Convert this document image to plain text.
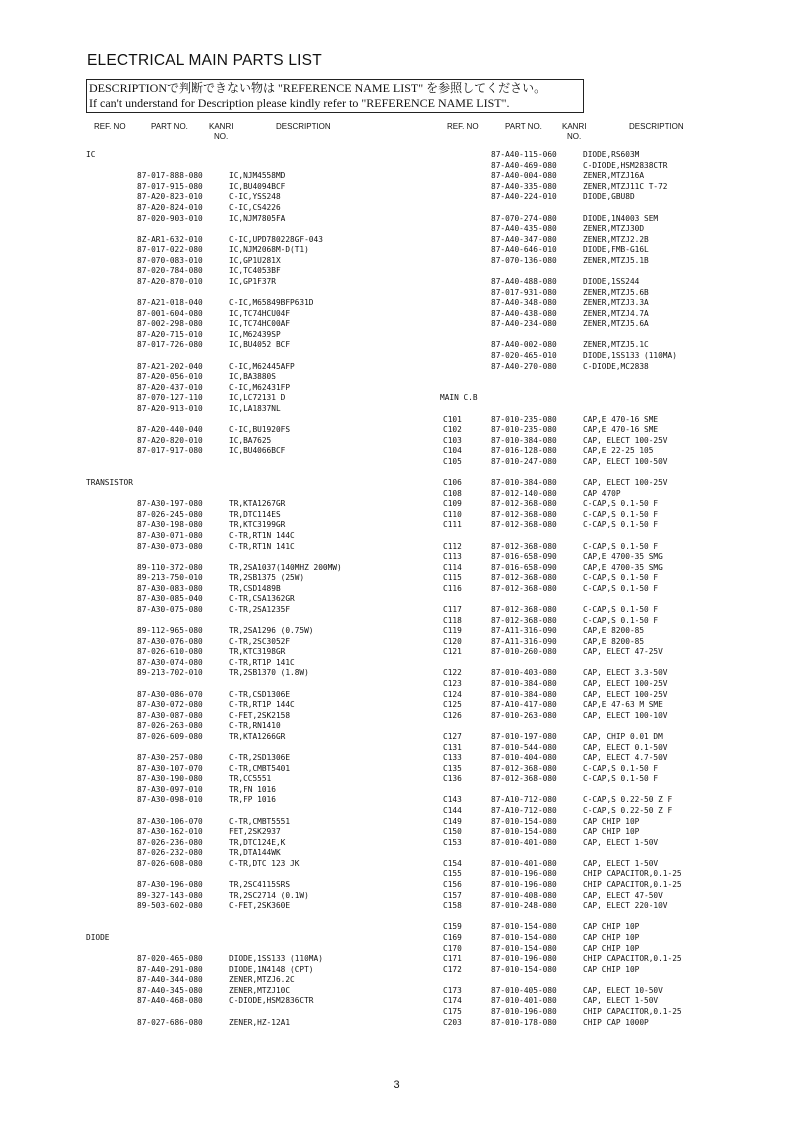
ELECTRICAL MAIN PARTS LIST
DESCRIPTIONで判断できない物は "REFERENCE NAME LIST" を参照してください。
If can't understand for Description please kindly refer to "REFERENCE NAME LIST".
REF. NO	PART NO.	KANRI
NO.
DESCRIPTION	REF. NO	PART NO.	KANRI
NO.
DESCRIPTION
IC
87-017-888-080	IC,NJM4558MD
87-017-915-080	IC,BU4094BCF
87-A20-823-010	C-IC,YSS248
87-A20-824-010	C-IC,CS4226
87-020-903-010	IC,NJM7805FA
8Z-AR1-632-010	C-IC,UPD780228GF-043
87-017-022-080	IC,NJM2068M-D(T1)
87-070-083-010	IC,GP1U281X
87-020-784-080	IC,TC4053BF
87-A20-870-010	IC,GP1F37R
87-A21-018-040	C-IC,M65849BFP631D
87-001-604-080	IC,TC74HCU04F
87-002-298-080	IC,TC74HC00AF
87-A20-715-010	IC,M62439SP
87-017-726-080	IC,BU4052 BCF
87-A21-202-040	C-IC,M62445AFP
87-A20-056-010	IC,BA3880S
87-A20-437-010	C-IC,M62431FP
87-070-127-110	IC,LC72131 D
87-A20-913-010	IC,LA1837NL
87-A20-440-040	C-IC,BU1920FS
87-A20-820-010	IC,BA7625
87-017-917-080	IC,BU4066BCF
TRANSISTOR
87-A30-197-080	TR,KTA1267GR
87-026-245-080	TR,DTC114ES
87-A30-198-080	TR,KTC3199GR
87-A30-071-080	C-TR,RT1N 144C
87-A30-073-080	C-TR,RT1N 141C
89-110-372-080	TR,2SA1037(140MHZ 200MW)
89-213-750-010	TR,2SB1375 (25W)
87-A30-083-080	TR,CSD1489B
87-A30-085-040	C-TR,CSA1362GR
87-A30-075-080	C-TR,2SA1235F
89-112-965-080	TR,2SA1296 (0.75W)
87-A30-076-080	C-TR,2SC3052F
87-026-610-080	TR,KTC3198GR
87-A30-074-080	C-TR,RT1P 141C
89-213-702-010	TR,2SB1370 (1.8W)
87-A30-086-070	C-TR,CSD1306E
87-A30-072-080	C-TR,RT1P 144C
87-A30-087-080	C-FET,2SK2158
87-026-263-080	C-TR,RN1410
87-026-609-080	TR,KTA1266GR
87-A30-257-080	C-TR,2SD1306E
87-A30-107-070	C-TR,CMBT5401
87-A30-190-080	TR,CC5551
87-A30-097-010	TR,FN 1016
87-A30-098-010	TR,FP 1016
87-A30-106-070	C-TR,CMBT5551
87-A30-162-010	FET,2SK2937
87-026-236-080	TR,DTC124E,K
87-026-232-080	TR,DTA144WK
87-026-608-080	C-TR,DTC 123 JK
87-A30-196-080	TR,2SC4115SRS
89-327-143-080	TR,2SC2714 (0.1W)
89-503-602-080	C-FET,2SK360E
DIODE
87-020-465-080	DIODE,1SS133 (110MA)
87-A40-291-080	DIODE,1N4148 (CPT)
87-A40-344-080	ZENER,MTZJ6.2C
87-A40-345-080	ZENER,MTZJ10C
87-A40-468-080	C-DIODE,HSM2836CTR
87-027-686-080	ZENER,HZ-12A1
87-A40-115-060	DIODE,RS603M
87-A40-469-080	C-DIODE,HSM2838CTR
87-A40-004-080	ZENER,MTZJ16A
87-A40-335-080	ZENER,MTZJ11C T-72
87-A40-224-010	DIODE,GBU8D
87-070-274-080	DIODE,1N4003 SEM
87-A40-435-080	ZENER,MTZJ30D
87-A40-347-080	ZENER,MTZJ2.2B
87-A40-646-010	DIODE,FMB-G16L
87-070-136-080	ZENER,MTZJ5.1B
87-A40-488-080	DIODE,1SS244
87-017-931-080	ZENER,MTZJ5.6B
87-A40-348-080	ZENER,MTZJ3.3A
87-A40-438-080	ZENER,MTZJ4.7A
87-A40-234-080	ZENER,MTZJ5.6A
87-A40-002-080	ZENER,MTZJ5.1C
87-020-465-010	DIODE,1SS133 (110MA)
87-A40-270-080	C-DIODE,MC2838
MAIN C.B
C101	87-010-235-080	CAP,E 470-16 SME
C102	87-010-235-080	CAP,E 470-16 SME
C103	87-010-384-080	CAP, ELECT 100-25V
C104	87-016-128-080	CAP,E 22-25 105
C105	87-010-247-080	CAP, ELECT 100-50V
C106	87-010-384-080	CAP, ELECT 100-25V
C108	87-012-140-080	CAP 470P
C109	87-012-368-080	C-CAP,S 0.1-50 F
C110	87-012-368-080	C-CAP,S 0.1-50 F
C111	87-012-368-080	C-CAP,S 0.1-50 F
C112	87-012-368-080	C-CAP,S 0.1-50 F
C113	87-016-658-090	CAP,E 4700-35 SMG
C114	87-016-658-090	CAP,E 4700-35 SMG
C115	87-012-368-080	C-CAP,S 0.1-50 F
C116	87-012-368-080	C-CAP,S 0.1-50 F
C117	87-012-368-080	C-CAP,S 0.1-50 F
C118	87-012-368-080	C-CAP,S 0.1-50 F
C119	87-A11-316-090	CAP,E 8200-85
C120	87-A11-316-090	CAP,E 8200-85
C121	87-010-260-080	CAP, ELECT 47-25V
C122	87-010-403-080	CAP, ELECT 3.3-50V
C123	87-010-384-080	CAP, ELECT 100-25V
C124	87-010-384-080	CAP, ELECT 100-25V
C125	87-A10-417-080	CAP,E 47-63 M SME
C126	87-010-263-080	CAP, ELECT 100-10V
C127	87-010-197-080	CAP, CHIP 0.01 DM
C131	87-010-544-080	CAP, ELECT 0.1-50V
C133	87-010-404-080	CAP, ELECT 4.7-50V
C135	87-012-368-080	C-CAP,S 0.1-50 F
C136	87-012-368-080	C-CAP,S 0.1-50 F
C143	87-A10-712-080	C-CAP,S 0.22-50 Z F
C144	87-A10-712-080	C-CAP,S 0.22-50 Z F
C149	87-010-154-080	CAP CHIP 10P
C150	87-010-154-080	CAP CHIP 10P
C153	87-010-401-080	CAP, ELECT 1-50V
C154	87-010-401-080	CAP, ELECT 1-50V
C155	87-010-196-080	CHIP CAPACITOR,0.1-25
C156	87-010-196-080	CHIP CAPACITOR,0.1-25
C157	87-010-408-080	CAP, ELECT 47-50V
C158	87-010-248-080	CAP, ELECT 220-10V
C159	87-010-154-080	CAP CHIP 10P
C169	87-010-154-080	CAP CHIP 10P
C170	87-010-154-080	CAP CHIP 10P
C171	87-010-196-080	CHIP CAPACITOR,0.1-25
C172	87-010-154-080	CAP CHIP 10P
C173	87-010-405-080	CAP, ELECT 10-50V
C174	87-010-401-080	CAP, ELECT 1-50V
C175	87-010-196-080	CHIP CAPACITOR,0.1-25
C203	87-010-178-080	CHIP CAP 1000P
3
